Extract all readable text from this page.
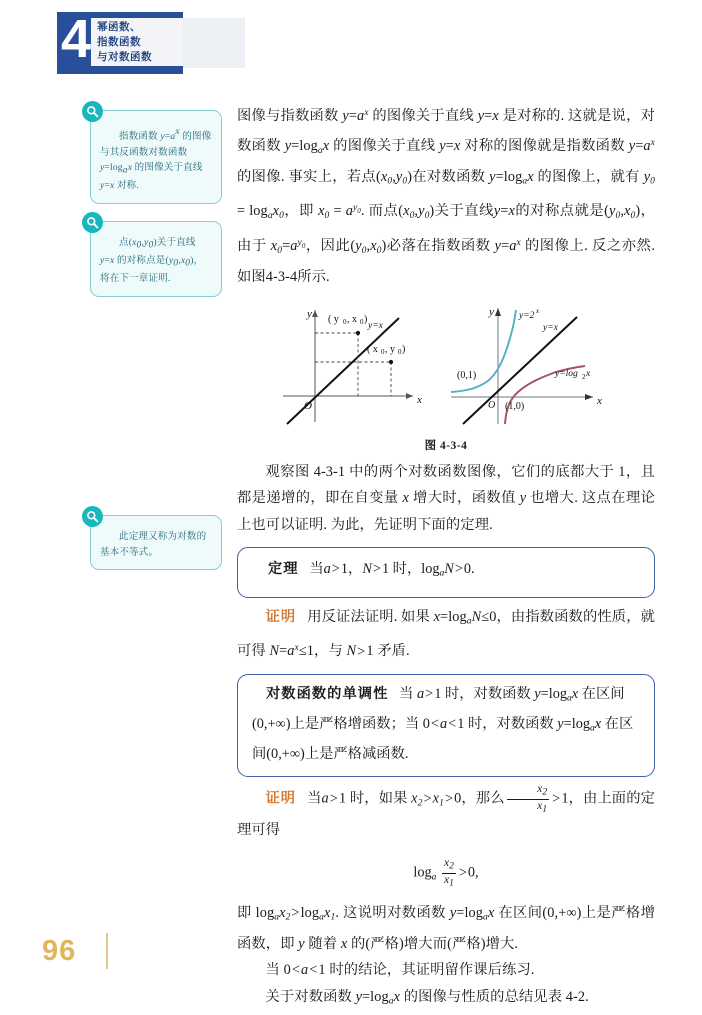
4 幂函数、
指数函数
与对数函数

指数函数 y=ax 的图像与其反函数对数函数 y=logax 的图像关于直线 y=x 对称.

点(x0,y0)关于直线 y=x 的对称点是(y0,x0)，将在下一章证明.

此定理又称为对数的基本不等式。

图像与指数函数 $y=a^x$ 的图像关于直线 y=x 是对称的. 这就是说，对数函数 $y=\log_ax$ 的图像关于直线 y=x 对称的图像就是指数函数 $y=a^x$ 的图像. 事实上，若点$(x_0,y_0)$在对数函数 $y=\log_ax$ 的图像上，就有 $y_0 = \log_ax_0$，即 $x_0 = a^{y0}$. 而点$(x_0,y_0)$关于直线y=x的对称点就是$(y_0,x_0)$，由于 $x_0=a^{y0}$，因此$(y_0,x_0)$必落在指数函数 $y=a^x$ 的图像上. 反之亦然. 如图4-3-4所示.

y
x
O
y=x
( y 0 , x 0 )
( x 0 , y 0 )
y
x
O
y=2 x
y=x
(0,1)
(1,0)
y=log 2 x
图 4-3-4

观察图 4-3-1 中的两个对数函数图像，它们的底都大于 1，且都是递增的，即在自变量 x 增大时，函数值 y 也增大. 这点在理论上也可以证明. 为此，先证明下面的定理.

定理   当a>1，N>1 时，$\log_aN>0$.

证明   用反证法证明. 如果 $x=\log_aN\le 0$，由指数函数的性质，就可得 $N=a^x\le 1$，与 N>1 矛盾.

对数函数的单调性   当 a>1 时，对数函数 $y=\log_ax$ 在区间(0,+∞)上是严格增函数；当 0<a<1 时，对数函数 $y=\log_ax$ 在区间(0,+∞)上是严格减函数.

证明   当a>1 时，如果 $x_2>x_1>0$，那么 $\frac{x_2}{x_1} >1$，由上面的定理可得

$\log_a \frac{x_2}{x_1} >0$,

即 $\log_ax_2>\log_ax_1$. 这说明对数函数 $y=\log_ax$ 在区间(0,+∞)上是严格增函数，即 y 随着 x 的(严格)增大而(严格)增大.

当 0<a<1 时的结论，其证明留作课后练习.

关于对数函数 $y=\log_ax$ 的图像与性质的总结见表 4-2.

96
